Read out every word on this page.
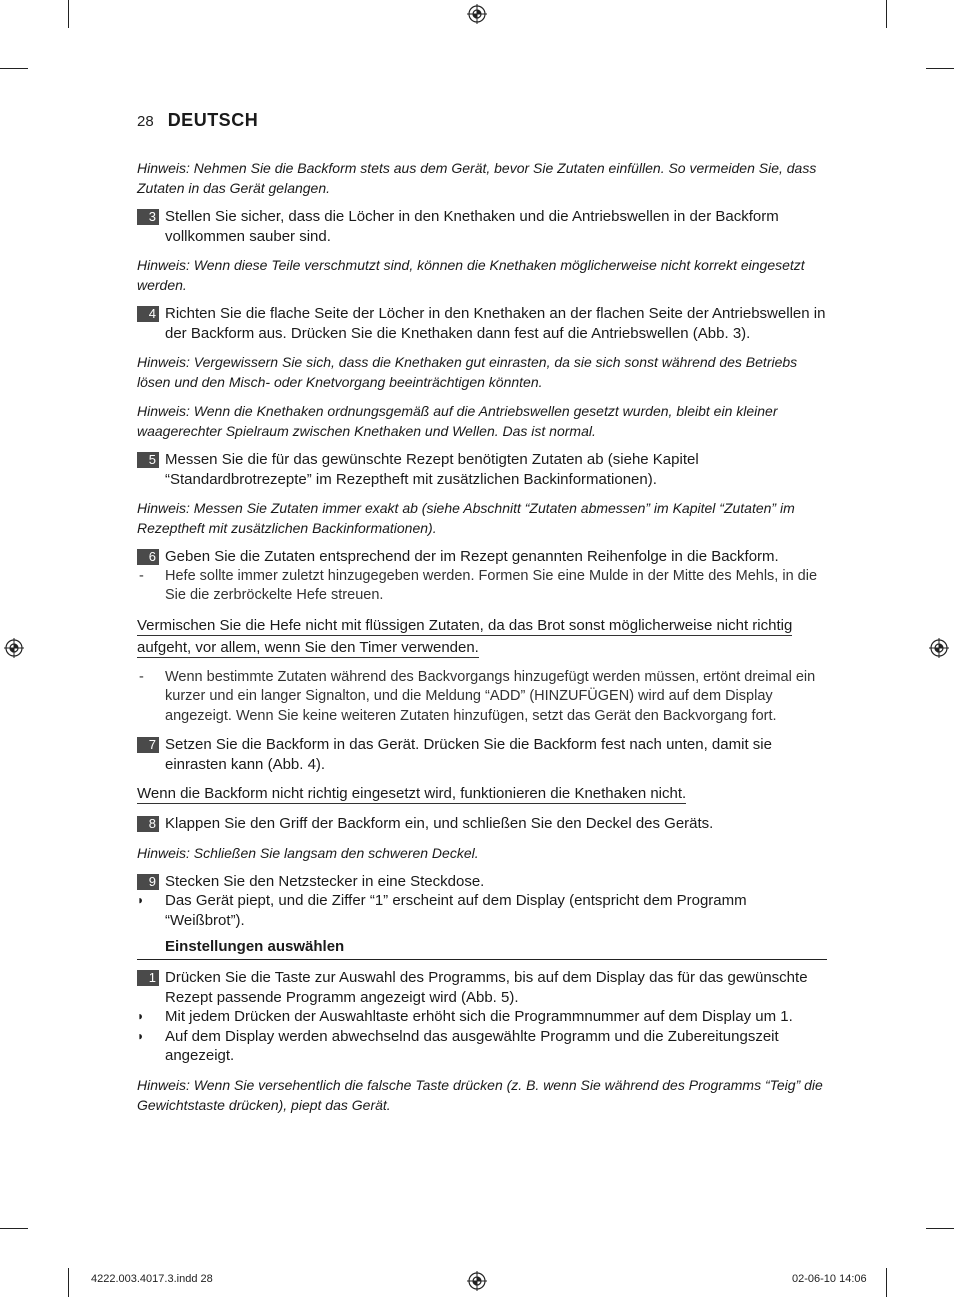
28 DEUTSCH

Hinweis: Nehmen Sie die Backform stets aus dem Gerät, bevor Sie Zutaten einfüllen. So vermeiden Sie, dass Zutaten in das Gerät gelangen.

3 Stellen Sie sicher, dass die Löcher in den Knethaken und die Antriebswellen in der Backform vollkommen sauber sind.

Hinweis: Wenn diese Teile verschmutzt sind, können die Knethaken möglicherweise nicht korrekt eingesetzt werden.

4 Richten Sie die flache Seite der Löcher in den Knethaken an der flachen Seite der Antriebswellen in der Backform aus. Drücken Sie die Knethaken dann fest auf die Antriebswellen (Abb. 3).

Hinweis: Vergewissern Sie sich, dass die Knethaken gut einrasten, da sie sich sonst während des Betriebs lösen und den Misch- oder Knetvorgang beeinträchtigen könnten.

Hinweis: Wenn die Knethaken ordnungsgemäß auf die Antriebswellen gesetzt wurden, bleibt ein kleiner waagerechter Spielraum zwischen Knethaken und Wellen. Das ist normal.

5 Messen Sie die für das gewünschte Rezept benötigten Zutaten ab (siehe Kapitel “Standardbrotrezepte” im Rezeptheft mit zusätzlichen Backinformationen).

Hinweis: Messen Sie Zutaten immer exakt ab (siehe Abschnitt “Zutaten abmessen” im Kapitel “Zutaten” im Rezeptheft mit zusätzlichen Backinformationen).

6 Geben Sie die Zutaten entsprechend der im Rezept genannten Reihenfolge in die Backform.
- Hefe sollte immer zuletzt hinzugegeben werden. Formen Sie eine Mulde in der Mitte des Mehls, in die Sie die zerbröckelte Hefe streuen.

Vermischen Sie die Hefe nicht mit flüssigen Zutaten, da das Brot sonst möglicherweise nicht richtig aufgeht, vor allem, wenn Sie den Timer verwenden.

- Wenn bestimmte Zutaten während des Backvorgangs hinzugefügt werden müssen, ertönt dreimal ein kurzer und ein langer Signalton, und die Meldung “ADD” (HINZUFÜGEN) wird auf dem Display angezeigt. Wenn Sie keine weiteren Zutaten hinzufügen, setzt das Gerät den Backvorgang fort.
7 Setzen Sie die Backform in das Gerät. Drücken Sie die Backform fest nach unten, damit sie einrasten kann (Abb. 4).

Wenn die Backform nicht richtig eingesetzt wird, funktionieren die Knethaken nicht.

8 Klappen Sie den Griff der Backform ein, und schließen Sie den Deckel des Geräts.

Hinweis: Schließen Sie langsam den schweren Deckel.

9 Stecken Sie den Netzstecker in eine Steckdose.
◗ Das Gerät piept, und die Ziffer “1” erscheint auf dem Display (entspricht dem Programm “Weißbrot”).
Einstellungen auswählen
1 Drücken Sie die Taste zur Auswahl des Programms, bis auf dem Display das für das gewünschte Rezept passende Programm angezeigt wird (Abb. 5).
◗ Mit jedem Drücken der Auswahltaste erhöht sich die Programmnummer auf dem Display um 1.
◗ Auf dem Display werden abwechselnd das ausgewählte Programm und die Zubereitungszeit angezeigt.

Hinweis: Wenn Sie versehentlich die falsche Taste drücken (z. B. wenn Sie während des Programms “Teig” die Gewichtstaste drücken), piept das Gerät.

4222.003.4017.3.indd 28	02-06-10 14:06
